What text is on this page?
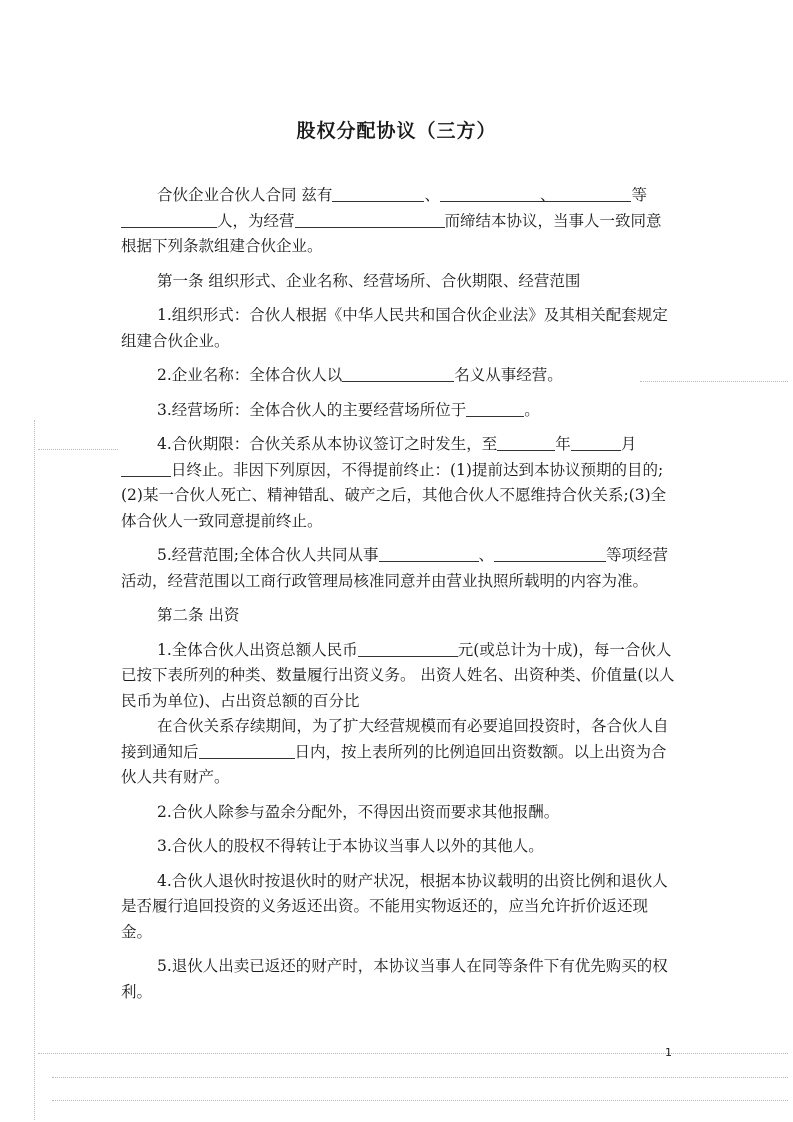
股权分配协议（三方）

合伙企业合伙人合同 兹有	、	、	等人，为经营	而缔结本协议，当事人一致同意根据下列条款组建合伙企业。

第一条 组织形式、企业名称、经营场所、合伙期限、经营范围

1.组织形式：合伙人根据《中华人民共和国合伙企业法》及其相关配套规定组建合伙企业。

2.企业名称：全体合伙人以	名义从事经营。

3.经营场所：全体合伙人的主要经营场所位于	。

4.合伙期限：合伙关系从本协议签订之时发生，至	年	月日终止。非因下列原因，不得提前终止：(1)提前达到本协议预期的目的;(2)某一合伙人死亡、精神错乱、破产之后，其他合伙人不愿维持合伙关系;(3)全体合伙人一致同意提前终止。

5.经营范围;全体合伙人共同从事	、	等项经营活动，经营范围以工商行政管理局核准同意并由营业执照所载明的内容为准。

第二条 出资

1.全体合伙人出资总额人民币	元(或总计为十成)，每一合伙人已按下表所列的种类、数量履行出资义务。 出资人姓名、出资种类、价值量(以人民币为单位)、占出资总额的百分比

在合伙关系存续期间，为了扩大经营规模而有必要追回投资时，各合伙人自接到通知后	日内，按上表所列的比例追回出资数额。以上出资为合伙人共有财产。

2.合伙人除参与盈余分配外，不得因出资而要求其他报酬。

3.合伙人的股权不得转让于本协议当事人以外的其他人。

4.合伙人退伙时按退伙时的财产状况，根据本协议载明的出资比例和退伙人是否履行追回投资的义务返还出资。不能用实物返还的，应当允许折价返还现金。

5.退伙人出卖已返还的财产时，本协议当事人在同等条件下有优先购买的权利。

1
